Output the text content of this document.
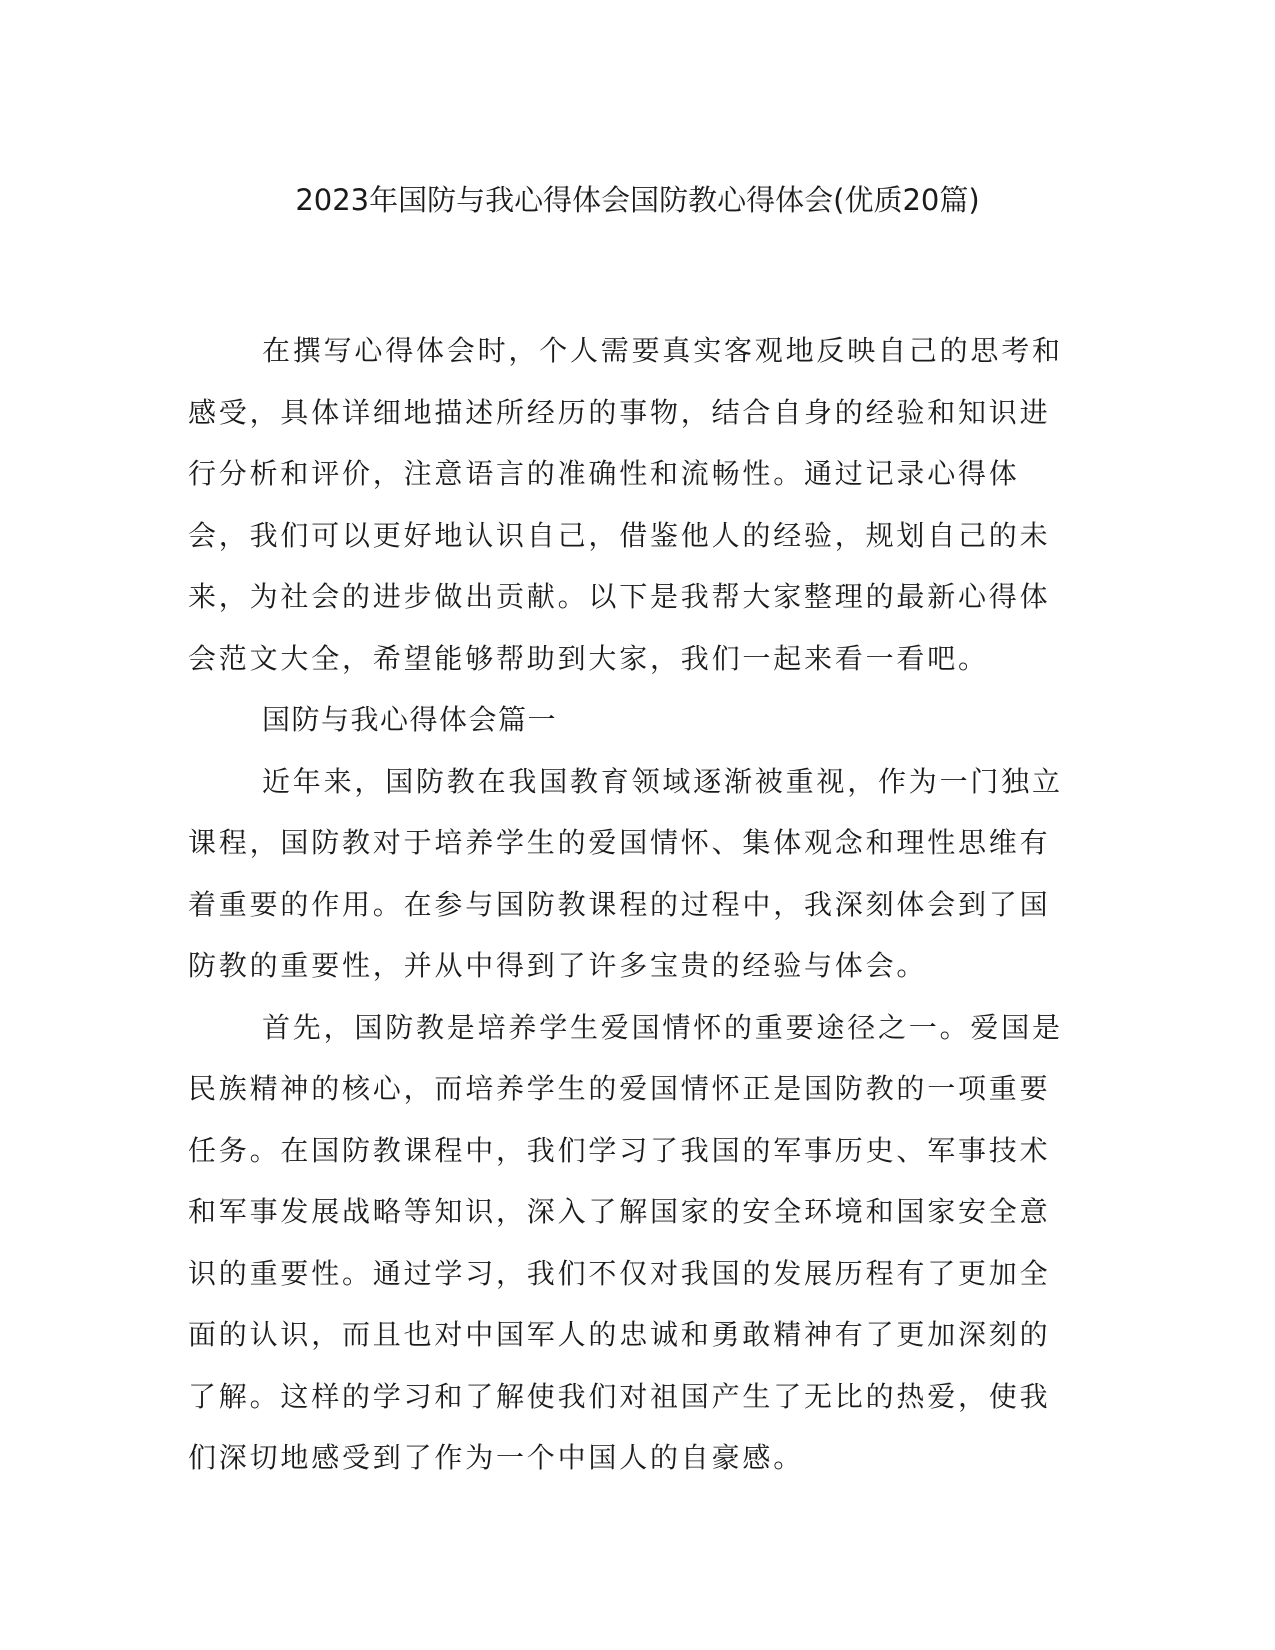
2023年国防与我心得体会国防教心得体会(优质20篇)

在撰写心得体会时，个人需要真实客观地反映自己的思考和感受，具体详细地描述所经历的事物，结合自身的经验和知识进行分析和评价，注意语言的准确性和流畅性。通过记录心得体会，我们可以更好地认识自己，借鉴他人的经验，规划自己的未来，为社会的进步做出贡献。以下是我帮大家整理的最新心得体会范文大全，希望能够帮助到大家，我们一起来看一看吧。

国防与我心得体会篇一

近年来，国防教在我国教育领域逐渐被重视，作为一门独立课程，国防教对于培养学生的爱国情怀、集体观念和理性思维有着重要的作用。在参与国防教课程的过程中，我深刻体会到了国防教的重要性，并从中得到了许多宝贵的经验与体会。

首先，国防教是培养学生爱国情怀的重要途径之一。爱国是民族精神的核心，而培养学生的爱国情怀正是国防教的一项重要任务。在国防教课程中，我们学习了我国的军事历史、军事技术和军事发展战略等知识，深入了解国家的安全环境和国家安全意识的重要性。通过学习，我们不仅对我国的发展历程有了更加全面的认识，而且也对中国军人的忠诚和勇敢精神有了更加深刻的了解。这样的学习和了解使我们对祖国产生了无比的热爱，使我们深切地感受到了作为一个中国人的自豪感。
